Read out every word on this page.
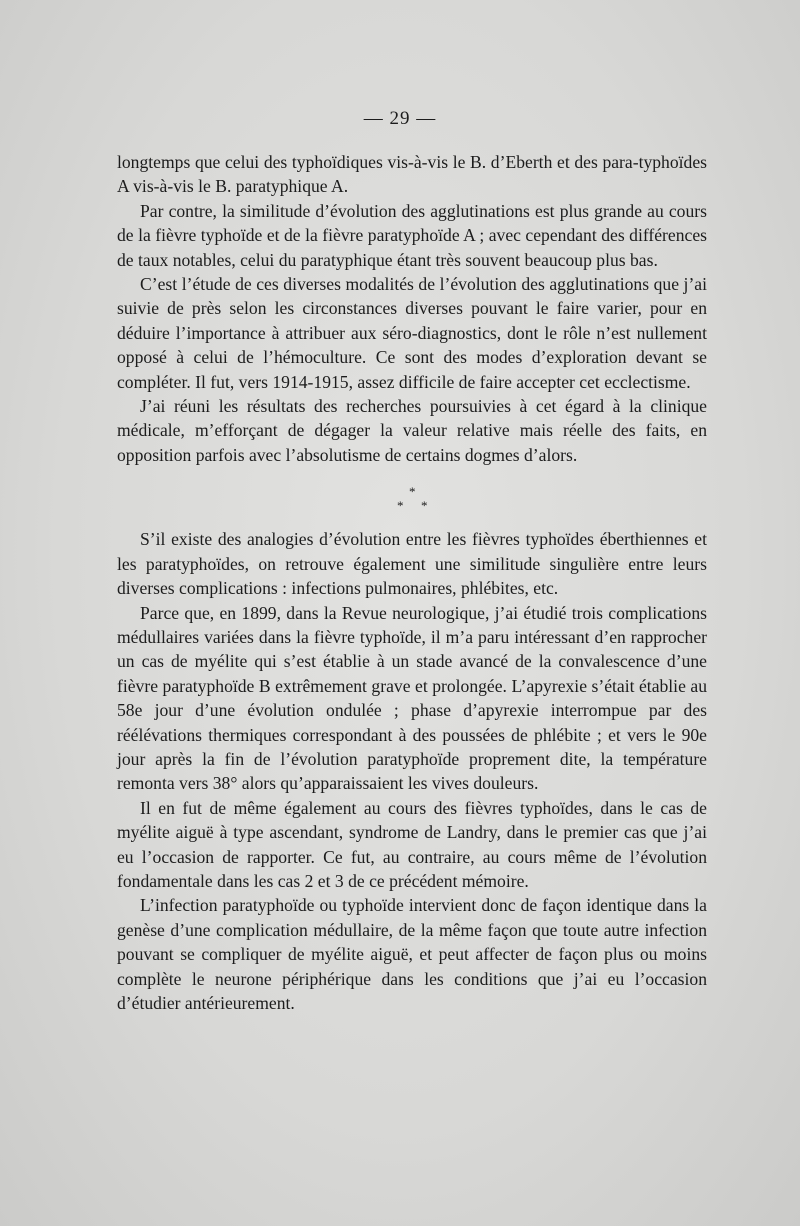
— 29 —

longtemps que celui des typhoïdiques vis-à-vis le B. d’Eberth et des para-typhoïdes A vis-à-vis le B. paratyphique A.

Par contre, la similitude d’évolution des agglutinations est plus grande au cours de la fièvre typhoïde et de la fièvre paratyphoïde A ; avec cependant des différences de taux notables, celui du paratyphique étant très souvent beaucoup plus bas.

C’est l’étude de ces diverses modalités de l’évolution des agglutinations que j’ai suivie de près selon les circonstances diverses pouvant le faire varier, pour en déduire l’importance à attribuer aux séro-diagnostics, dont le rôle n’est nullement opposé à celui de l’hémoculture. Ce sont des modes d’exploration devant se compléter. Il fut, vers 1914-1915, assez difficile de faire accepter cet ecclectisme.

J’ai réuni les résultats des recherches poursuivies à cet égard à la clinique médicale, m’efforçant de dégager la valeur relative mais réelle des faits, en opposition parfois avec l’absolutisme de certains dogmes d’alors.

*
* *

S’il existe des analogies d’évolution entre les fièvres typhoïdes éberthiennes et les paratyphoïdes, on retrouve également une similitude singulière entre leurs diverses complications : infections pulmonaires, phlébites, etc.

Parce que, en 1899, dans la Revue neurologique, j’ai étudié trois complications médullaires variées dans la fièvre typhoïde, il m’a paru intéressant d’en rapprocher un cas de myélite qui s’est établie à un stade avancé de la convalescence d’une fièvre paratyphoïde B extrêmement grave et prolongée. L’apyrexie s’était établie au 58e jour d’une évolution ondulée ; phase d’apyrexie interrompue par des réélévations thermiques correspondant à des poussées de phlébite ; et vers le 90e jour après la fin de l’évolution paratyphoïde proprement dite, la température remonta vers 38° alors qu’apparaissaient les vives douleurs.

Il en fut de même également au cours des fièvres typhoïdes, dans le cas de myélite aiguë à type ascendant, syndrome de Landry, dans le premier cas que j’ai eu l’occasion de rapporter. Ce fut, au contraire, au cours même de l’évolution fondamentale dans les cas 2 et 3 de ce précédent mémoire.

L’infection paratyphoïde ou typhoïde intervient donc de façon identique dans la genèse d’une complication médullaire, de la même façon que toute autre infection pouvant se compliquer de myélite aiguë, et peut affecter de façon plus ou moins complète le neurone périphérique dans les conditions que j’ai eu l’occasion d’étudier antérieurement.
